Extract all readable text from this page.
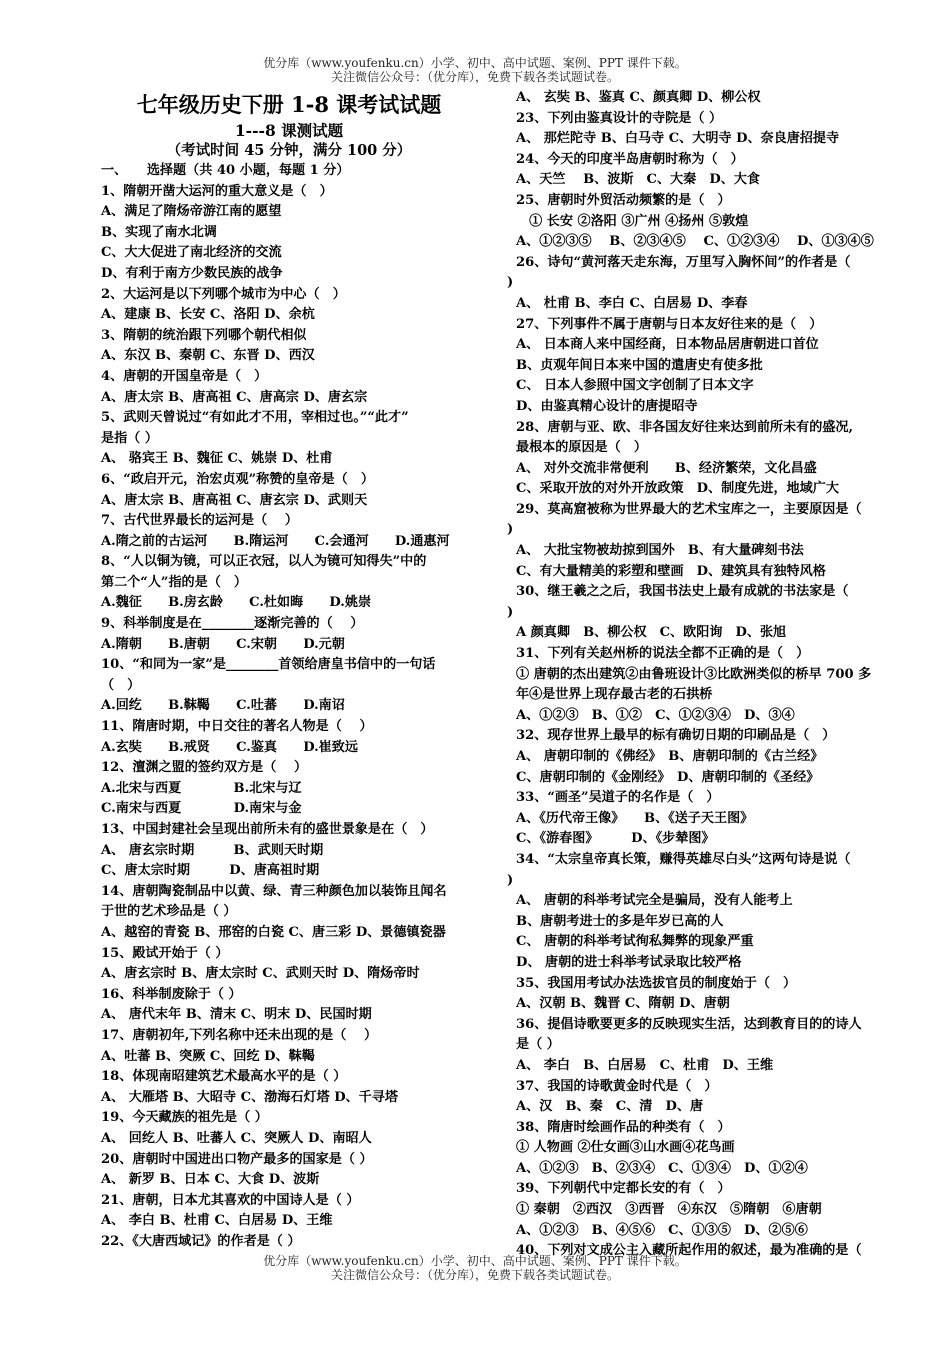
优分库（www.youfenku.cn）小学、初中、高中试题、案例、PPT 课件下载。
关注微信公众号：（优分库），免费下载各类试题试卷。
七年级历史下册 1-8 课考试试题
1---8 课测试题
（考试时间 45 分钟，满分 100 分）
一、　　选择题（共 40 小题，每题 1 分）
1、隋朝开凿大运河的重大意义是（　）
A、满足了隋炀帝游江南的愿望
B、实现了南水北调
C、大大促进了南北经济的交流
D、有利于南方少数民族的战争
2、大运河是以下列哪个城市为中心（　）
A、建康 B、长安 C、洛阳 D、余杭
3、隋朝的统治跟下列哪个朝代相似
A、东汉 B、秦朝 C、东晋 D、西汉
4、唐朝的开国皇帝是（　）
A、唐太宗 B、唐高祖 C、唐高宗 D、唐玄宗
5、武则天曾说过“有如此才不用，宰相过也。”“此才”
是指（ ）
A、 骆宾王 B、魏征 C、姚崇 D、杜甫
6、“政启开元，治宏贞观”称赞的皇帝是（　）
A、唐太宗 B、唐高祖 C、唐玄宗 D、武则天
7、古代世界最长的运河是（　 ）
A.隋之前的古运河　　B.隋运河　　C.会通河　　D.通惠河
8、“人以铜为镜，可以正衣冠，以人为镜可知得失”中的
第二个“人”指的是（　）
A.魏征　　B.房玄龄　　C.杜如晦　　D.姚崇
9、科举制度是在________逐渐完善的（　 ）
A.隋朝　　B.唐朝　　C.宋朝　　D.元朝
10、“和同为一家”是________首领给唐皇书信中的一句话
（　）
A.回纥　　B.靺鞨　　C.吐蕃　　D.南诏
11、隋唐时期，中日交往的著名人物是（　 ）
A.玄奘　　B.戒贤　　C.鉴真　　D.崔致远
12、澶渊之盟的签约双方是（　 ）
A.北宋与西夏　　　　B.北宋与辽
C.南宋与西夏　　　　D.南宋与金
13、中国封建社会呈现出前所未有的盛世景象是在（　）
A、 唐玄宗时期　　　B、武则天时期
C、唐太宗时期　　　D、唐高祖时期
14、唐朝陶瓷制品中以黄、绿、青三种颜色加以装饰且闻名
于世的艺术珍品是（ ）
A、越窑的青瓷 B、邢窑的白瓷 C、唐三彩 D、景德镇瓷器
15、殿试开始于（ ）
A、唐玄宗时 B、唐太宗时 C、武则天时 D、隋炀帝时
16、科举制废除于（ ）
A、 唐代末年 B、清末 C、明末 D、民国时期
17、唐朝初年,下列名称中还未出现的是（　 ）
A、吐蕃 B、突厥 C、回纥 D、靺鞨
18、体现南昭建筑艺术最高水平的是（ ）
A、 大雁塔 B、大昭寺 C、渤海石灯塔 D、千寻塔
19、今天藏族的祖先是（ ）
A、 回纥人 B、吐蕃人 C、突厥人 D、南昭人
20、唐朝时中国进出口物产最多的国家是（ ）
A、 新罗 B、日本 C、大食 D、波斯
21、唐朝，日本尤其喜欢的中国诗人是（ ）
A、 李白 B、杜甫 C、白居易 D、王维
22、《大唐西域记》的作者是（ ）
A、 玄奘 B、鉴真 C、颜真卿 D、柳公权
23、下列由鉴真设计的寺院是（ ）
A、 那烂陀寺 B、白马寺 C、大明寺 D、奈良唐招提寺
24、今天的印度半岛唐朝时称为（　）
A、天竺　 B、波斯　C、大秦　D、大食
25、唐朝时外贸活动频繁的是（　）
　① 长安 ②洛阳 ③广州 ④扬州 ⑤敦煌
A、①②③⑤　 B、②③④⑤　 C、①②③④　 D、①③④⑤
26、诗句“黄河落天走东海，万里写入胸怀间”的作者是（
)
A、 杜甫 B、李白 C、白居易 D、李春
27、下列事件不属于唐朝与日本友好往来的是（　）
A、 日本商人来中国经商，日本物品居唐朝进口首位
B、贞观年间日本来中国的遣唐史有使多批
C、 日本人参照中国文字创制了日本文字
D、由鉴真精心设计的唐提昭寺
28、唐朝与亚、欧、非各国友好往来达到前所未有的盛况,
最根本的原因是（　）
A、 对外交流非常便利　　B、经济繁荣，文化昌盛
C、采取开放的对外开放政策　D、制度先进，地域广大
29、莫高窟被称为世界最大的艺术宝库之一，主要原因是（
)
A、 大批宝物被劫掠到国外　B、有大量碑刻书法
C、有大量精美的彩塑和壁画　D、建筑具有独特风格
30、继王羲之之后，我国书法史上最有成就的书法家是（
)
A 颜真卿　B、柳公权　C、欧阳询　D、张旭
31、下列有关赵州桥的说法全都不正确的是（　）
① 唐朝的杰出建筑②由鲁班设计③比欧洲类似的桥早 700 多
年④是世界上现存最古老的石拱桥
A、①②③　B、①②　C、①②③④　D、③④
32、现存世界上最早的标有确切日期的印刷品是（　）
A、 唐朝印制的《佛经》　B、唐朝印制的《古兰经》
C、唐朝印制的《金刚经》　D、唐朝印制的《圣经》
33、“画圣”吴道子的名作是（　）
A、《历代帝王像》　　B、《送子天王图》
C、《游春图》　　　D、《步辇图》
34、“太宗皇帝真长策，赚得英雄尽白头”这两句诗是说（
)
A、 唐朝的科举考试完全是骗局，没有人能考上
B、唐朝考进士的多是年岁已高的人
C、 唐朝的科举考试徇私舞弊的现象严重
D、 唐朝的进士科举考试录取比较严格
35、我国用考试办法选拔官员的制度始于（　）
A、汉朝 B、魏晋 C、隋朝 D、唐朝
36、提倡诗歌要更多的反映现实生活，达到教育目的的诗人
是（ ）
A、 李白　B、白居易　C、杜甫　D、王维
37、我国的诗歌黄金时代是（　）
A、汉　B、秦　C、清　D、唐
38、隋唐时绘画作品的种类有（　）
① 人物画 ②仕女画③山水画④花鸟画
A、①②③　B、②③④　C、①③④　D、①②④
39、下列朝代中定都长安的有（　）
① 秦朝　②西汉　③西晋　④东汉　⑤隋朝　⑥唐朝
A、①②③　B、④⑤⑥　C、①③⑤　D、②⑤⑥
40、下列对文成公主入藏所起作用的叙述，最为准确的是（
优分库（www.youfenku.cn）小学、初中、高中试题、案例、PPT 课件下载。
关注微信公众号：（优分库），免费下载各类试题试卷。
